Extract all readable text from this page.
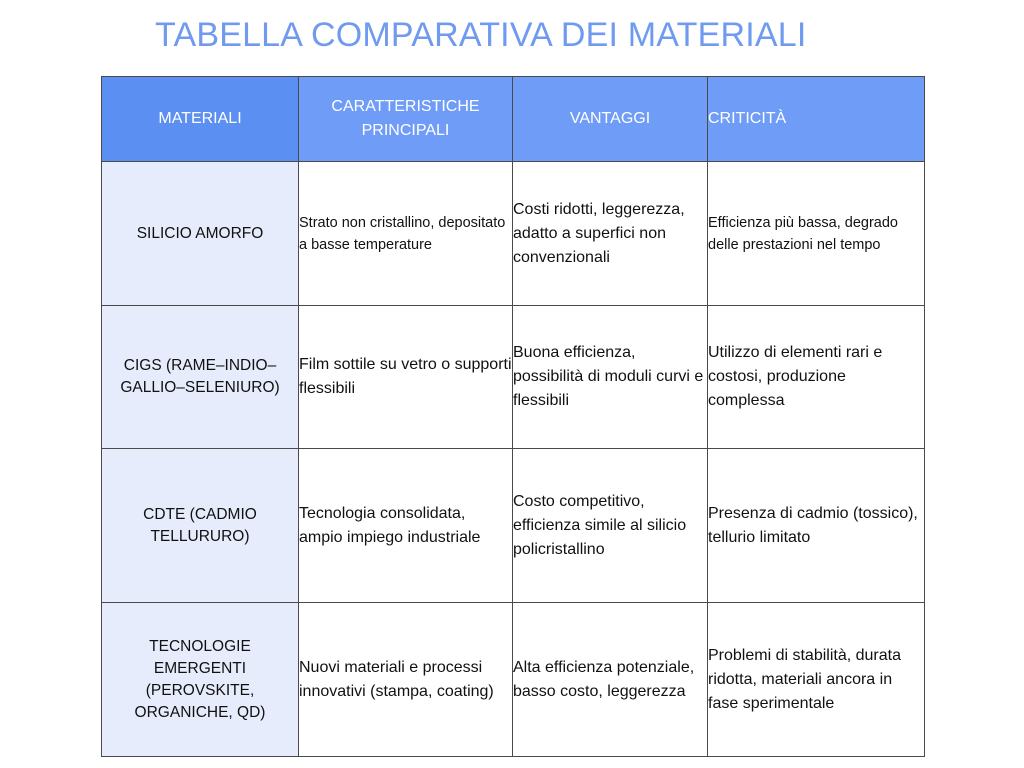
TABELLA COMPARATIVA DEI MATERIALI
MATERIALI	CARATTERISTICHE PRINCIPALI	VANTAGGI	CRITICITÀ
SILICIO AMORFO	Strato non cristallino, depositato a basse temperature	Costi ridotti, leggerezza, adatto a superfici non convenzionali	Efficienza più bassa, degrado delle prestazioni nel tempo
CIGS (RAME–INDIO–GALLIO–SELENIURO)	Film sottile su vetro o supporti flessibili	Buona efficienza, possibilità di moduli curvi e flessibili	Utilizzo di elementi rari e costosi, produzione complessa
CDTE (CADMIO TELLURURO)	Tecnologia consolidata, ampio impiego industriale	Costo competitivo, efficienza simile al silicio policristallino	Presenza di cadmio (tossico), tellurio limitato
TECNOLOGIE EMERGENTI (PEROVSKITE, ORGANICHE, QD)	Nuovi materiali e processi innovativi (stampa, coating)	Alta efficienza potenziale, basso costo, leggerezza	Problemi di stabilità, durata ridotta, materiali ancora in fase sperimentale
